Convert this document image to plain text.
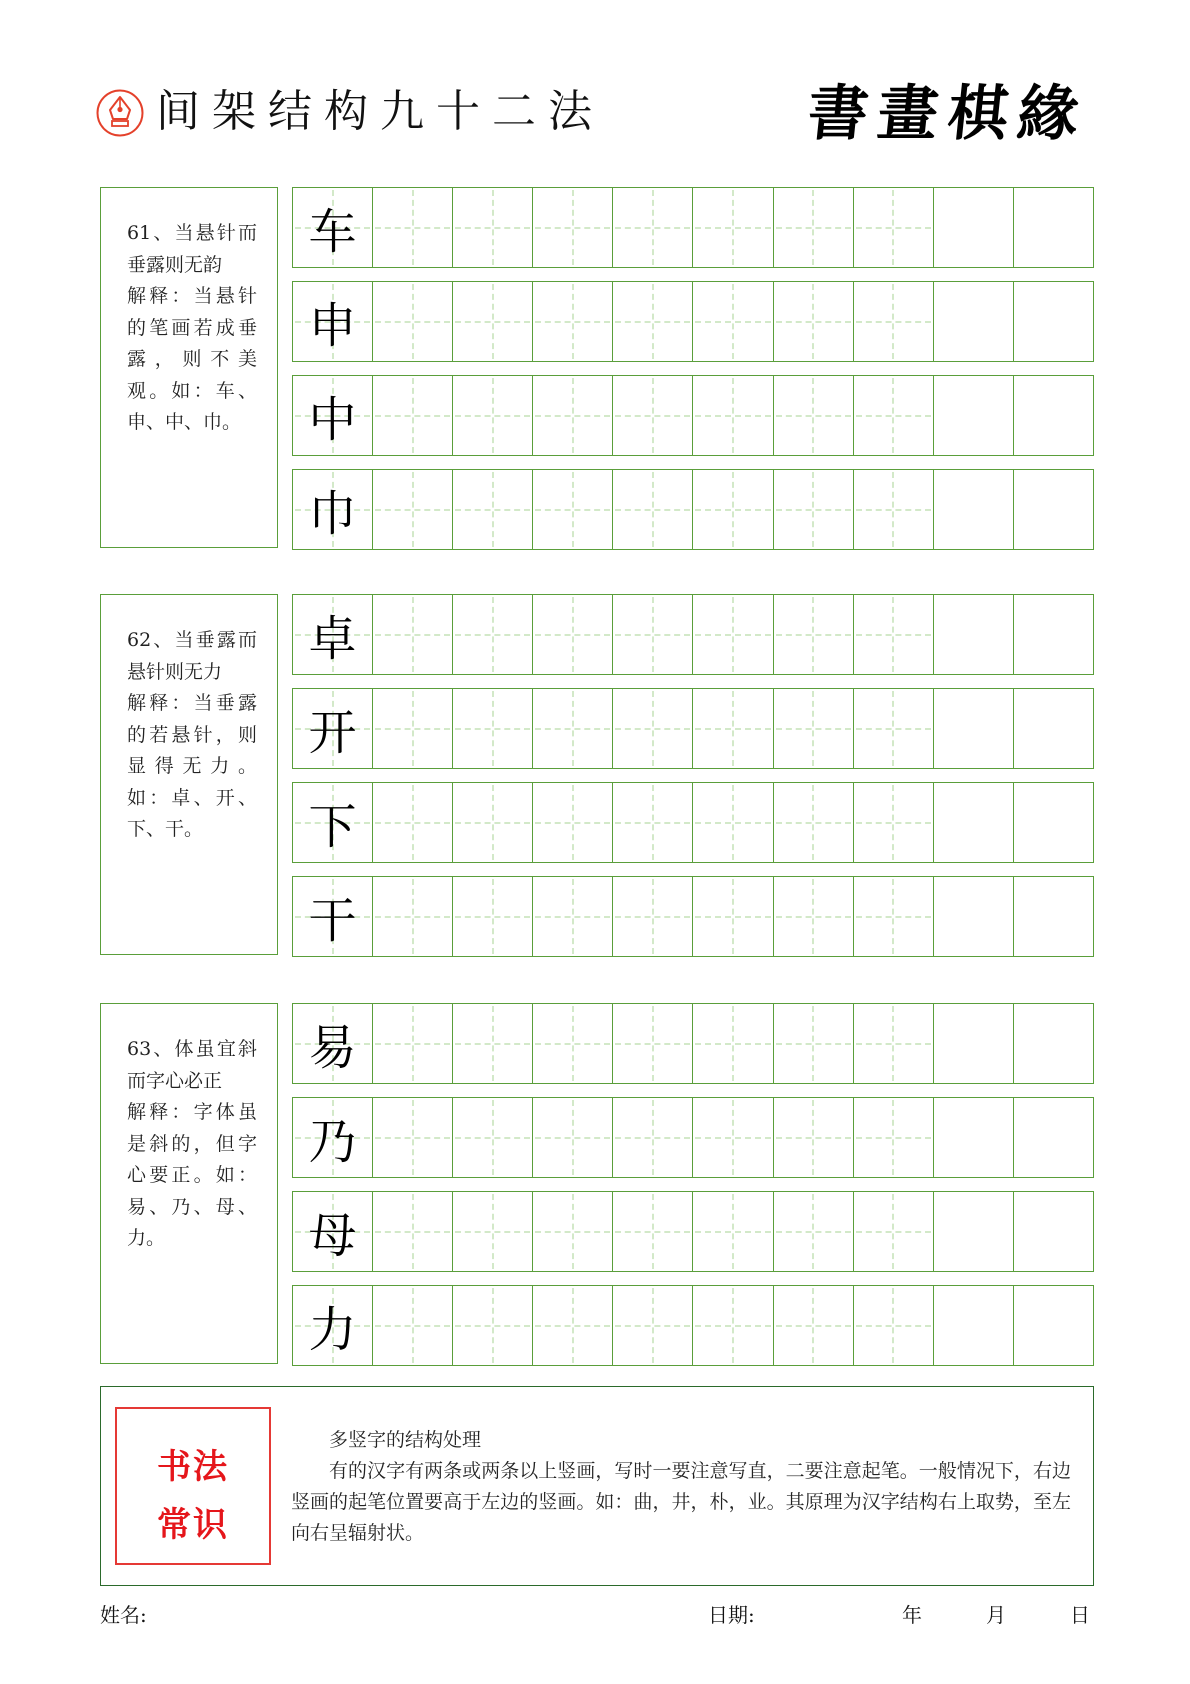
间架结构九十二法	書畫棋緣
61、当悬针而垂露则无韵
解释：当悬针的笔画若成垂露，则不美观。如：车、申、中、巾。
车
申
中
巾
62、当垂露而悬针则无力
解释：当垂露的若悬针，则显得无力。如：卓、开、下、干。
卓
开
下
干
63、体虽宜斜而字心必正
解释：字体虽是斜的，但字心要正。如：易、乃、母、力。
易
乃
母
力
书法
常识
多竖字的结构处理
有的汉字有两条或两条以上竖画，写时一要注意写直，二要注意起笔。一般情况下，右边竖画的起笔位置要高于左边的竖画。如：曲，井，朴，业。其原理为汉字结构右上取势，至左向右呈辐射状。
姓名:	日期:	年	月	日
